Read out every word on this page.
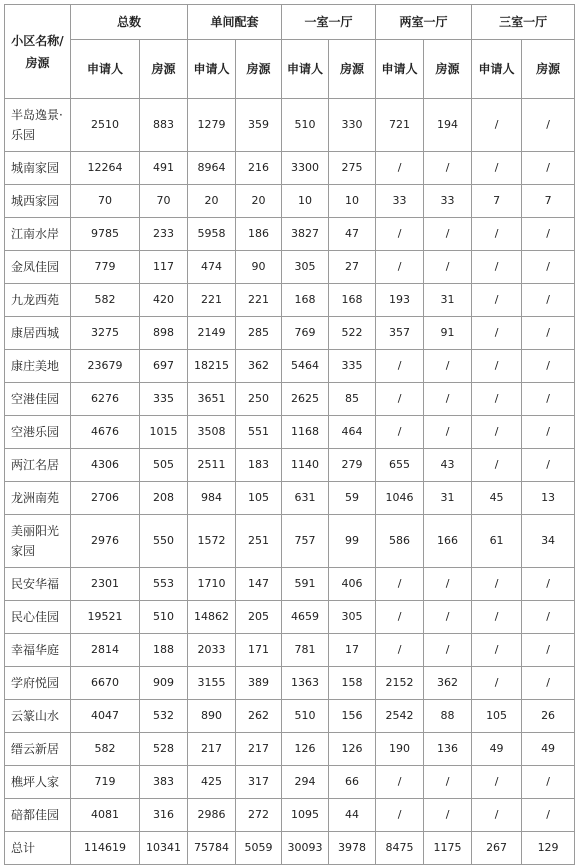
小区名称/房源	总数		单间配套		一室一厅		两室一厅		三室一厅	
	申请人	房源	申请人	房源	申请人	房源	申请人	房源	申请人	房源
半岛逸景·乐园	2510	883	1279	359	510	330	721	194	/	/
城南家园	12264	491	8964	216	3300	275	/	/	/	/
城西家园	70	70	20	20	10	10	33	33	7	7
江南水岸	9785	233	5958	186	3827	47	/	/	/	/
金凤佳园	779	117	474	90	305	27	/	/	/	/
九龙西苑	582	420	221	221	168	168	193	31	/	/
康居西城	3275	898	2149	285	769	522	357	91	/	/
康庄美地	23679	697	18215	362	5464	335	/	/	/	/
空港佳园	6276	335	3651	250	2625	85	/	/	/	/
空港乐园	4676	1015	3508	551	1168	464	/	/	/	/
两江名居	4306	505	2511	183	1140	279	655	43	/	/
龙洲南苑	2706	208	984	105	631	59	1046	31	45	13
美丽阳光家园	2976	550	1572	251	757	99	586	166	61	34
民安华福	2301	553	1710	147	591	406	/	/	/	/
民心佳园	19521	510	14862	205	4659	305	/	/	/	/
幸福华庭	2814	188	2033	171	781	17	/	/	/	/
学府悦园	6670	909	3155	389	1363	158	2152	362	/	/
云篆山水	4047	532	890	262	510	156	2542	88	105	26
缙云新居	582	528	217	217	126	126	190	136	49	49
樵坪人家	719	383	425	317	294	66	/	/	/	/
碚都佳园	4081	316	2986	272	1095	44	/	/	/	/
总计	114619	10341	75784	5059	30093	3978	8475	1175	267	129
